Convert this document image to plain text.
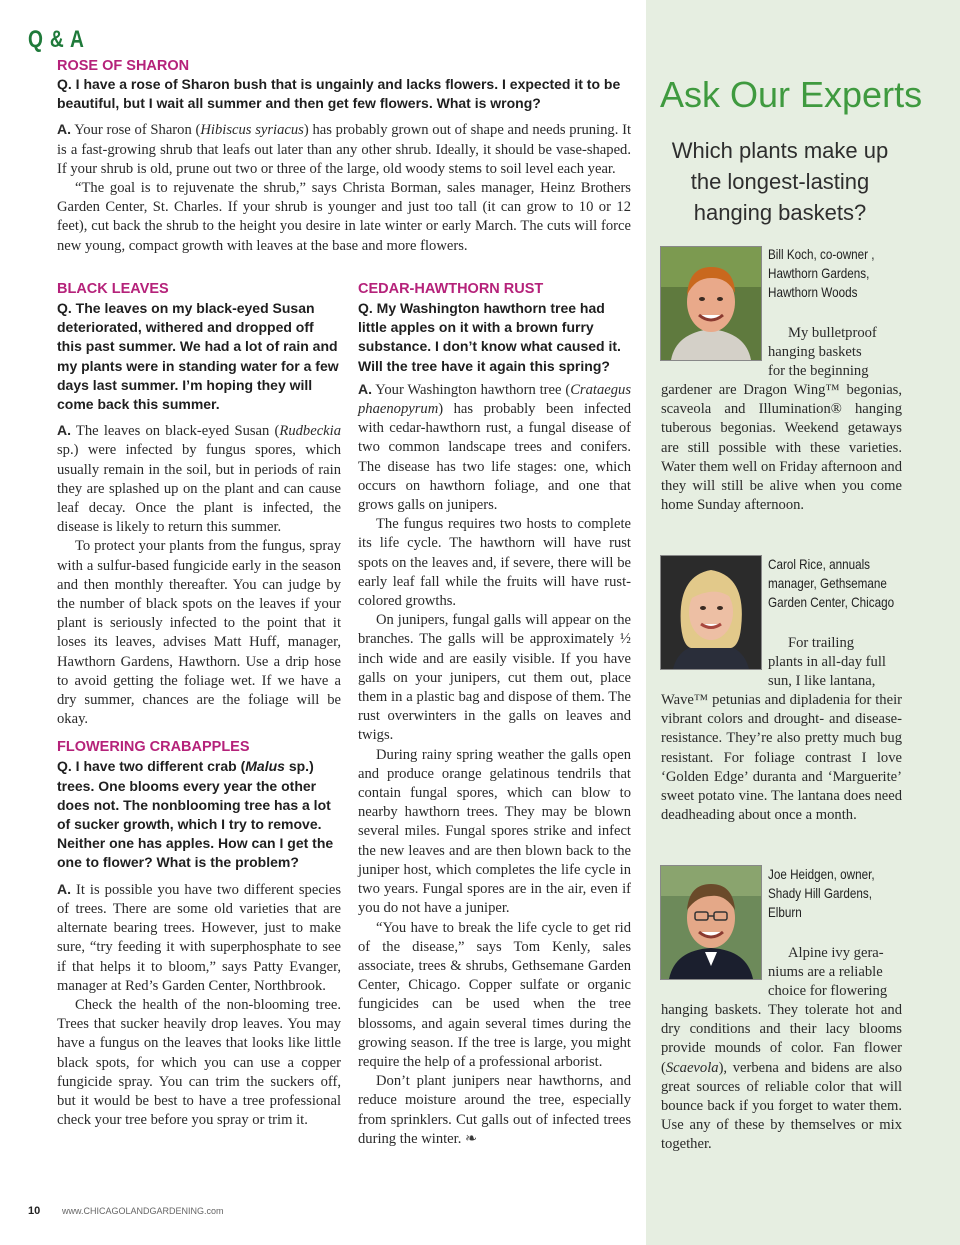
Q & A
ROSE OF SHARON
Q. I have a rose of Sharon bush that is ungainly and lacks flowers. I expected it to be beautiful, but I wait all summer and then get few flowers. What is wrong?

A. Your rose of Sharon (Hibiscus syriacus) has probably grown out of shape and needs pruning. It is a fast-growing shrub that leafs out later than any other shrub. Ideally, it should be vase-shaped. If your shrub is old, prune out two or three of the large, old woody stems to soil level each year.

“The goal is to rejuvenate the shrub,” says Christa Borman, sales manager, Heinz Brothers Garden Center, St. Charles. If your shrub is younger and just too tall (it can grow to 10 or 12 feet), cut back the shrub to the height you desire in late winter or early March. The cuts will force new young, compact growth with leaves at the base and more flowers.

BLACK LEAVES
Q. The leaves on my black-eyed Susan deteriorated, withered and dropped off this past summer. We had a lot of rain and my plants were in standing water for a few days last summer. I’m hoping they will come back this summer.

A. The leaves on black-eyed Susan (Rudbeckia sp.) were infected by fungus spores, which usually remain in the soil, but in periods of rain they are splashed up on the plant and can cause leaf decay. Once the plant is infected, the disease is likely to return this summer.

To protect your plants from the fungus, spray with a sulfur-based fungicide early in the season and then monthly thereafter. You can judge by the number of black spots on the leaves if your plant is seriously infected to the point that it loses its leaves, advises Matt Huff, manager, Hawthorn Gardens, Hawthorn. Use a drip hose to avoid getting the foliage wet. If we have a dry summer, chances are the foliage will be okay.

FLOWERING CRABAPPLES
Q. I have two different crab (Malus sp.) trees. One blooms every year the other does not. The nonblooming tree has a lot of sucker growth, which I try to remove. Neither one has apples. How can I get the one to flower? What is the problem?

A. It is possible you have two different species of trees. There are some old varieties that are alternate bearing trees. However, just to make sure, “try feeding it with superphosphate to see if that helps it to bloom,” says Patty Evanger, manager at Red’s Garden Center, Northbrook.

Check the health of the non-blooming tree. Trees that sucker heavily drop leaves. You may have a fungus on the leaves that looks like little black spots, for which you can use a copper fungicide spray. You can trim the suckers off, but it would be best to have a tree professional check your tree before you spray or trim it.

CEDAR-HAWTHORN RUST
Q. My Washington hawthorn tree had little apples on it with a brown furry substance. I don’t know what caused it. Will the tree have it again this spring?

A. Your Washington hawthorn tree (Crataegus phaenopyrum) has probably been infected with cedar-hawthorn rust, a fungal disease of two common landscape trees and conifers. The disease has two life stages: one, which occurs on hawthorn foliage, and one that grows galls on junipers.

The fungus requires two hosts to complete its life cycle. The hawthorn will have rust spots on the leaves and, if severe, there will be early leaf fall while the fruits will have rust-colored growths.

On junipers, fungal galls will appear on the branches. The galls will be approximately ½ inch wide and are easily visible. If you have galls on your junipers, cut them out, place them in a plastic bag and dispose of them. The rust overwinters in the galls on leaves and twigs.

During rainy spring weather the galls open and produce orange gelatinous tendrils that contain fungal spores, which can blow to nearby hawthorn trees. They may be blown several miles. Fungal spores strike and infect the new leaves and are then blown back to the juniper host, which completes the life cycle in two years. Fungal spores are in the air, even if you do not have a juniper.

“You have to break the life cycle to get rid of the disease,” says Tom Kenly, sales associate, trees & shrubs, Gethsemane Garden Center, Chicago. Copper sulfate or organic fungicides can be used when the tree blossoms, and again several times during the growing season. If the tree is large, you might require the help of a professional arborist.

Don’t plant junipers near hawthorns, and reduce moisture around the tree, especially from sprinklers. Cut galls out of infected trees during the winter. ❧

Ask Our Experts
Which plants make up the longest-lasting hanging baskets?
Bill Koch, co-owner ,
Hawthorn Gardens,
Hawthorn Woods
My bulletproof
hanging baskets
for the beginning
gardener are Dragon Wing™ begonias, scaveola and Illumination® hanging tuberous begonias. Weekend getaways are still possible with these varieties. Water them well on Friday afternoon and they will still be alive when you come home Sunday afternoon.
Carol Rice, annuals
manager, Gethsemane
Garden Center, Chicago
For trailing
plants in all-day full
sun, I like lantana,
Wave™ petunias and dipladenia for their vibrant colors and drought- and disease-resistance. They’re also pretty much bug resistant. For foliage contrast I love ‘Golden Edge’ duranta and ‘Marguerite’ sweet potato vine. The lantana does need deadheading about once a month.
Joe Heidgen, owner,
Shady Hill Gardens,
Elburn
Alpine ivy gera-
niums are a reliable
choice for flowering
hanging baskets. They tolerate hot and dry conditions and their lacy blooms provide mounds of color. Fan flower (Scaevola), verbena and bidens are also great sources of reliable color that will bounce back if you forget to water them. Use any of these by themselves or mix together.
10 www.CHICAGOLANDGARDENING.com
